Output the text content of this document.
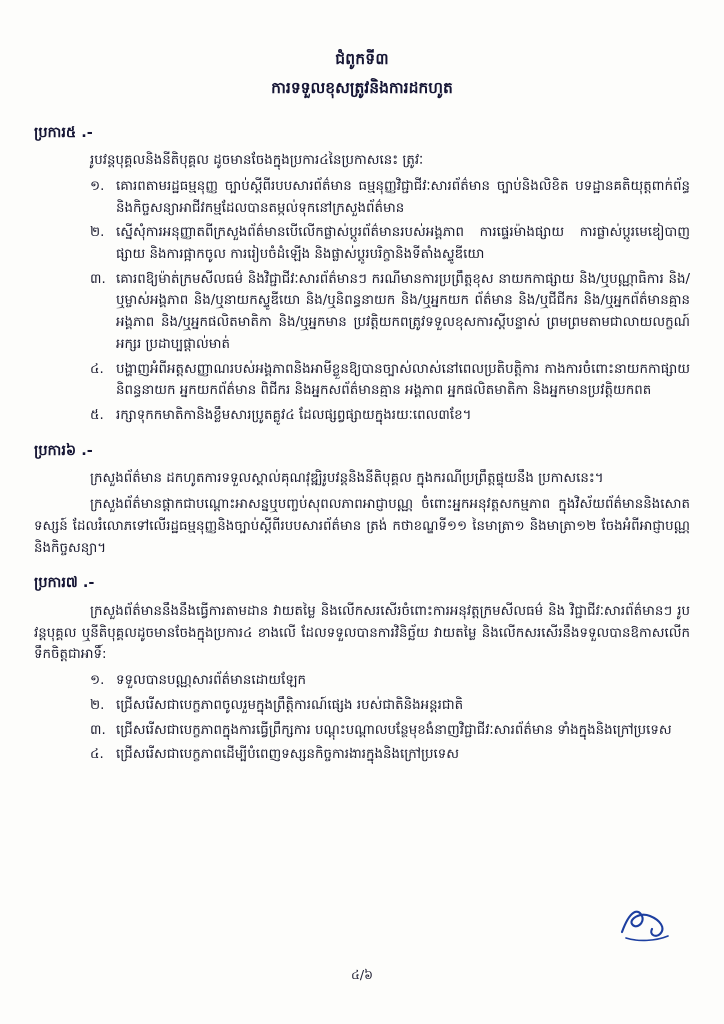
ជំពូកទី៣
ការទទួលខុសត្រូវនិងការដកហូត
ប្រការ៥ .-

រូបវន្តបុគ្គលនិងនីតិបុគ្គល ដូចមានចែងក្នុងប្រការ៤នៃប្រកាសនេះ ត្រូវៈ

១. គោរពតាមរដ្ឋធម្មនុញ្ញ ច្បាប់ស្តីពីរបបសារព័ត៌មាន ធម្មនុញ្ញវិជ្ជាជីវៈសារព័ត៌មាន ច្បាប់និងលិខិត បទដ្ឋានគតិយុត្តពាក់ព័ន្ធ និងកិច្ចសន្យាអាជីវកម្មដែលបានតម្កល់ទុកនៅក្រសួងព័ត៌មាន
២. ស្នើសុំការអនុញ្ញាតពីក្រសួងព័ត៌មានបើលើកផ្លាស់ប្តូរព័ត៌មានរបស់អង្គភាព ការផ្ទេរម៉ាងផ្សាយ ការផ្លាស់ប្តូរមេឌៀបាញផ្សាយ និងការផ្អាកចូល ការរៀបចំដំឡើង និងផ្លាស់ប្តូរបរិក្ខានិងទីតាំងស្ទូឌីយោ
៣. គោរពឱ្យម៉ាត់ក្រមសីលធម៌ និងវិជ្ជាជីវៈសារព័ត៌មានៗ ករណីមានការប្រព្រឹត្តខុស នាយកកាផ្សាយ និង/ឬបណ្ណាធិការ និង/ឬម្ចាស់អង្គភាព និង/ឬនាយកស្ទូឌីយោ និង/ឬនិពន្ធនាយក និង/ឬអ្នកយក ព័ត៌មាន និង/ឬជីជីករ និង/ឬអ្នកព័ត៌មានគ្មានអង្គភាព និង/ឬអ្នកផលិតមាតិកា និង/ឬអ្នកមាន ប្រវត្តិយកពត្រូវទទួលខុសការស្តីបន្ទាស់ ព្រមព្រមតាមជាលាយលក្ខណ៍អក្សរ ប្រដាប្បផ្តាល់មាត់
៤. បង្ហាញអំពីអត្តសញ្ញាណរបស់អង្គភាពនិងអាមីខ្លួនឱ្យបានច្បាស់លាស់នៅពេលប្រតិបត្តិការ កាងការចំពោះនាយកកាផ្សាយ និពន្ធនាយក អ្នកយកព័ត៌មាន ពិជីករ និងអ្នកសព័ត៌មានគ្មាន អង្គភាព អ្នកផលិតមាតិកា និងអ្នកមានប្រវត្តិយកពត
៥. រក្សាទុកកមាតិកានិងខ្លឹមសារប្រូតគ្លូវ៤ ដែលផ្សព្វផ្សាយក្នុងរយៈពេល៣ខែ។
ប្រការ៦ .-

ក្រសួងព័ត៌មាន ដកហូតការទទួលស្គាល់គុណវុឌ្ឍិរូបវន្តនិងនីតិបុគ្គល ក្នុងករណីប្រព្រឹត្តផ្ទុយនឹង ប្រកាសនេះ។

ក្រសួងព័ត៌មានផ្ដាកជាបណ្ដោះអាសន្នឬបញ្ចប់សុពលភាពអាជ្ញាបណ្ណ ចំពោះអ្នកអនុវត្តសកម្មភាព ក្នុងវិស័យព័ត៌មាននិងសោតទស្សន៍ ដែលរំលោភទៅលើរដ្ឋធម្មនុញ្ញនិងច្បាប់ស្តីពីរបបសារព័ត៌មាន ត្រង់ កថាខណ្ឌទី១១ នៃមាត្រា១ និងមាត្រា១២ ចែងអំពីអាជ្ញាបណ្ណ និងកិច្ចសន្យា។

ប្រការ៧ .-

ក្រសួងព័ត៌មាននឹងនឹងធ្វើការតាមដាន វាយតម្លៃ និងលើកសរសើរចំពោះការអនុវត្តក្រមសីលធម៌ និង វិជ្ជាជីវៈសារព័ត៌មានៗ រូបវន្តបុគ្គល ឬនីតិបុគ្គលដូចមានចែងក្នុងប្រការ៤ ខាងលើ ដែលទទួលបានការវិនិច្ឆ័យ វាយតម្លៃ និងលើកសរសើរនឹងទទួលបានឱកាសលើកទឹកចិត្តជាអាទិ៍:

១. ទទួលបានបណ្ណសារព័ត៌មានដោយឡែក
២. ជ្រើសរើសជាបេក្ខភាពចូលរួមក្នុងព្រឹត្តិការណ៍ផ្សេង របស់ជាតិនិងអន្តរជាតិ
៣. ជ្រើសរើសជាបេក្ខភាពក្នុងការធ្វើព្រឹក្សការ បណ្ដុះបណ្ដាលបន្ថែមុខងំនាញវិជ្ជាជីវៈសារព័ត៌មាន ទាំងក្នុងនិងក្រៅប្រទេស
៤. ជ្រើសរើសជាបេក្ខភាពដើម្បីបំពេញទស្សនកិច្ចការងារក្នុងនិងក្រៅប្រទេស
៤/៦
